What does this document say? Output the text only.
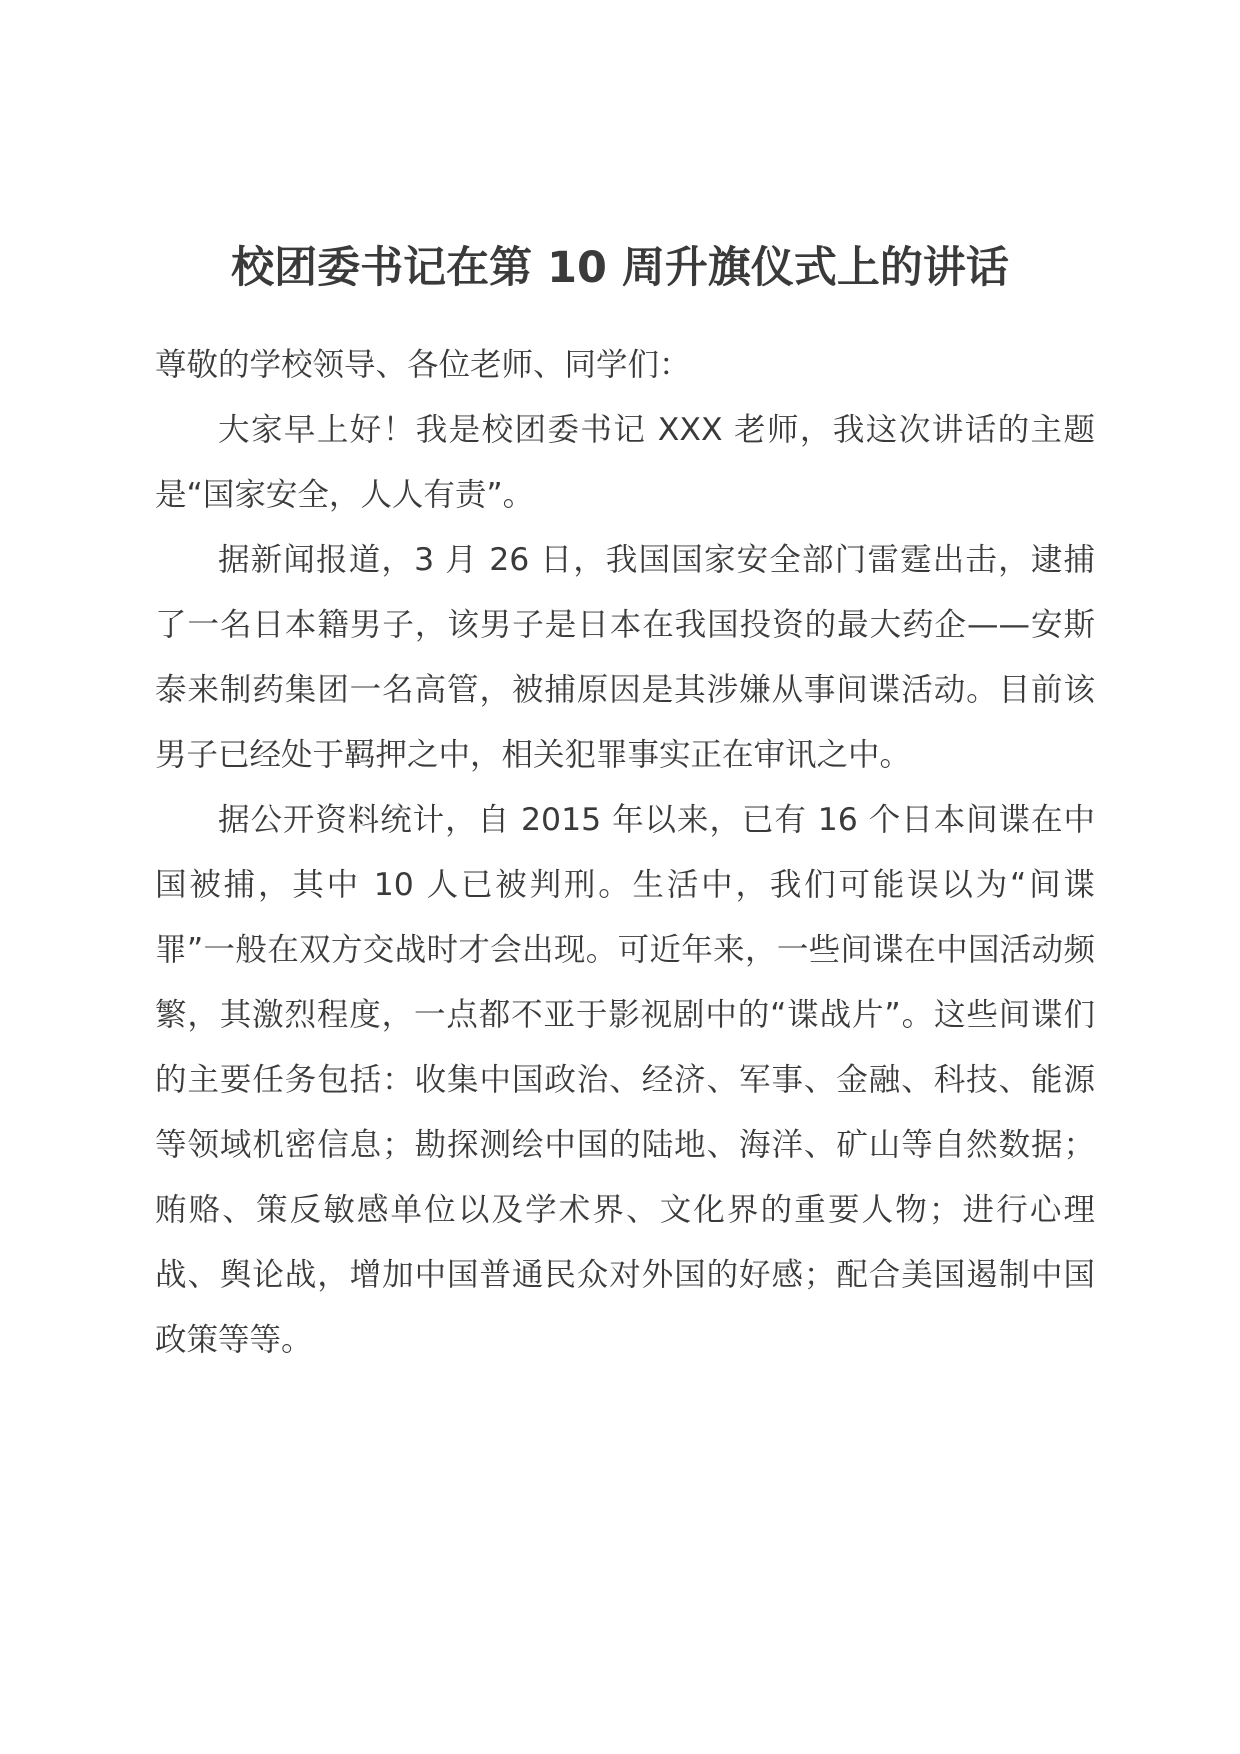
校团委书记在第 10 周升旗仪式上的讲话

尊敬的学校领导、各位老师、同学们：

大家早上好！我是校团委书记 XXX 老师，我这次讲话的主题是“国家安全，人人有责”。

据新闻报道，3 月 26 日，我国国家安全部门雷霆出击，逮捕了一名日本籍男子，该男子是日本在我国投资的最大药企——安斯泰来制药集团一名高管，被捕原因是其涉嫌从事间谍活动。目前该男子已经处于羁押之中，相关犯罪事实正在审讯之中。

据公开资料统计，自 2015 年以来，已有 16 个日本间谍在中国被捕，其中 10 人已被判刑。生活中，我们可能误以为“间谍罪”一般在双方交战时才会出现。可近年来，一些间谍在中国活动频繁，其激烈程度，一点都不亚于影视剧中的“谍战片”。这些间谍们的主要任务包括：收集中国政治、经济、军事、金融、科技、能源等领域机密信息；勘探测绘中国的陆地、海洋、矿山等自然数据；贿赂、策反敏感单位以及学术界、文化界的重要人物；进行心理战、舆论战，增加中国普通民众对外国的好感；配合美国遏制中国政策等等。
